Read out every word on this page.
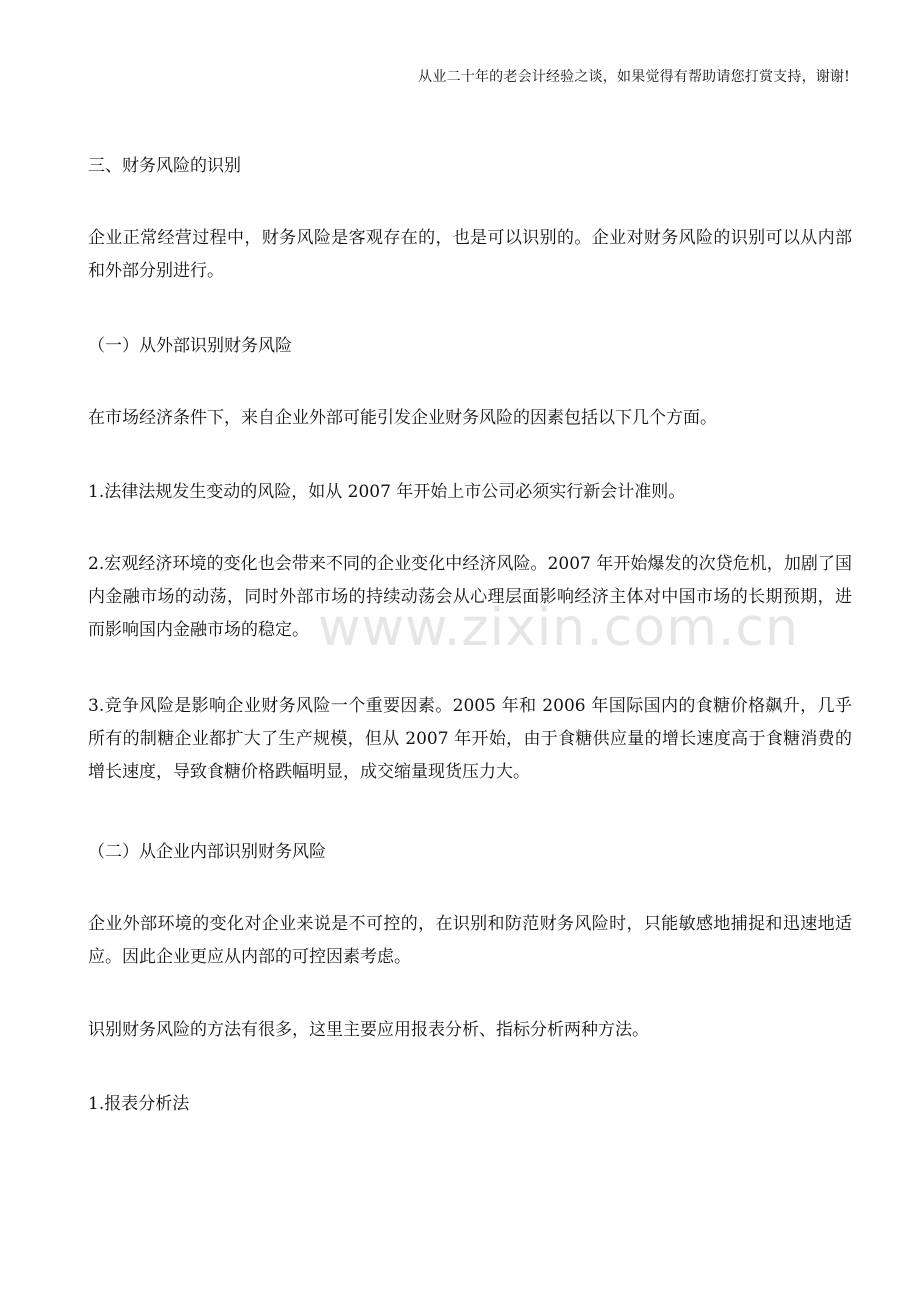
从业二十年的老会计经验之谈，如果觉得有帮助请您打赏支持，谢谢!
www.zixin.com.cn

三、财务风险的识别

企业正常经营过程中，财务风险是客观存在的，也是可以识别的。企业对财务风险的识别可以从内部和外部分别进行。

（一）从外部识别财务风险

在市场经济条件下，来自企业外部可能引发企业财务风险的因素包括以下几个方面。

1.法律法规发生变动的风险，如从 2007 年开始上市公司必须实行新会计准则。

2.宏观经济环境的变化也会带来不同的企业变化中经济风险。2007 年开始爆发的次贷危机，加剧了国内金融市场的动荡，同时外部市场的持续动荡会从心理层面影响经济主体对中国市场的长期预期，进而影响国内金融市场的稳定。

3.竞争风险是影响企业财务风险一个重要因素。2005 年和 2006 年国际国内的食糖价格飙升，几乎所有的制糖企业都扩大了生产规模，但从 2007 年开始，由于食糖供应量的增长速度高于食糖消费的增长速度，导致食糖价格跌幅明显，成交缩量现货压力大。

（二）从企业内部识别财务风险

企业外部环境的变化对企业来说是不可控的，在识别和防范财务风险时，只能敏感地捕捉和迅速地适应。因此企业更应从内部的可控因素考虑。

识别财务风险的方法有很多，这里主要应用报表分析、指标分析两种方法。

1.报表分析法
